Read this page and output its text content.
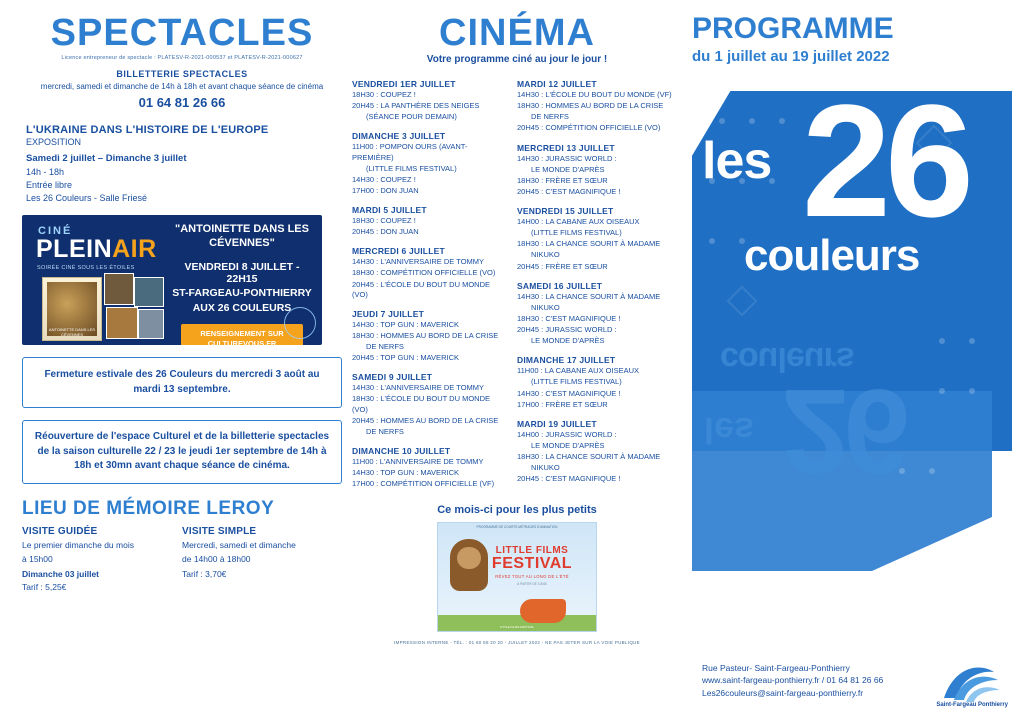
SPECTACLES
Licence entrepreneur de spectacle : PLATESV-R-2021-000537 et PLATESV-R-2021-000627
BILLETTERIE SPECTACLES
mercredi, samedi et dimanche de 14h à 18h et avant chaque séance de cinéma
01 64 81 26 66
L'UKRAINE DANS L'HISTOIRE DE L'EUROPE
EXPOSITION
Samedi 2 juillet – Dimanche 3 juillet
14h - 18h
Entrée libre
Les 26 Couleurs - Salle Friesé
CINÉ
PLEINAIR
SOIRÉE CINÉ SOUS LES ÉTOILES
ANTOINETTE DANS LES CÉVENNES
"ANTOINETTE DANS LES CÉVENNES"
VENDREDI 8 JUILLET - 22H15
ST-FARGEAU-PONTHIERRY
AUX 26 COULEURS
RENSEIGNEMENT SUR
CULTUREVOUS.FR
Fermeture estivale des 26 Couleurs du mercredi 3 août au mardi 13 septembre.
Réouverture de l'espace Culturel et de la billetterie spectacles de la saison culturelle 22 / 23 le jeudi 1er septembre de 14h à 18h et 30mn avant chaque séance de cinéma.
LIEU DE MÉMOIRE LEROY
VISITE GUIDÉE
Le premier dimanche du mois
à 15h00
Dimanche 03 juillet
Tarif : 5,25€
VISITE SIMPLE
Mercredi, samedi et dimanche
de 14h00 à 18h00
Tarif : 3,70€
CINÉMA
Votre programme ciné au jour le jour !
VENDREDI 1ER JUILLET
18H30 : COUPEZ !
20H45 : LA PANTHÈRE DES NEIGES
(SÉANCE POUR DEMAIN)
DIMANCHE 3 JUILLET
11H00 : POMPON OURS (AVANT-PREMIÈRE)
(LITTLE FILMS FESTIVAL)
14H30 : COUPEZ !
17H00 : DON JUAN
MARDI 5 JUILLET
18H30 : COUPEZ !
20H45 : DON JUAN
MERCREDI 6 JUILLET
14H30 : L'ANNIVERSAIRE DE TOMMY
18H30 : COMPÉTITION OFFICIELLE (VO)
20H45 : L'ÉCOLE DU BOUT DU MONDE (VO)
JEUDI 7 JUILLET
14H30 : TOP GUN : MAVERICK
18H30 : HOMMES AU BORD DE LA CRISE
DE NERFS
20H45 : TOP GUN : MAVERICK
SAMEDI 9 JUILLET
14H30 : L'ANNIVERSAIRE DE TOMMY
18H30 : L'ÉCOLE DU BOUT DU MONDE (VO)
20H45 : HOMMES AU BORD DE LA CRISE
DE NERFS
DIMANCHE 10 JUILLET
11H00 : L'ANNIVERSAIRE DE TOMMY
14H30 : TOP GUN : MAVERICK
17H00 : COMPÉTITION OFFICIELLE (VF)
MARDI 12 JUILLET
14H30 : L'ÉCOLE DU BOUT DU MONDE (VF)
18H30 : HOMMES AU BORD DE LA CRISE
DE NERFS
20H45 : COMPÉTITION OFFICIELLE (VO)
MERCREDI 13 JUILLET
14H30 : JURASSIC WORLD :
LE MONDE D'APRÈS
18H30 : FRÈRE ET SŒUR
20H45 : C'EST MAGNIFIQUE !
VENDREDI 15 JUILLET
14H00 : LA CABANE AUX OISEAUX
(LITTLE FILMS FESTIVAL)
18H30 : LA CHANCE SOURIT À MADAME
NIKUKO
20H45 : FRÈRE ET SŒUR
SAMEDI 16 JUILLET
14H30 : LA CHANCE SOURIT À MADAME
NIKUKO
18H30 : C'EST MAGNIFIQUE !
20H45 : JURASSIC WORLD :
LE MONDE D'APRÈS
DIMANCHE 17 JUILLET
11H00 : LA CABANE AUX OISEAUX
(LITTLE FILMS FESTIVAL)
14H30 : C'EST MAGNIFIQUE !
17H00 : FRÈRE ET SŒUR
MARDI 19 JUILLET
14H00 : JURASSIC WORLD :
LE MONDE D'APRÈS
18H30 : LA CHANCE SOURIT À MADAME
NIKUKO
20H45 : C'EST MAGNIFIQUE !
Ce mois-ci pour les plus petits
PROGRAMME DE COURTS MÉTRAGES D'ANIMATION
LITTLE FILMS
FESTIVAL
RÊVEZ TOUT AU LONG DE L'ÉTÉ
À PARTIR DE 3 ANS
LITTLE FILMS FESTIVAL
IMPRESSION INTERNE - TÉL. : 01 60 65 20 20 - JUILLET 2022 - NE PAS JETER SUR LA VOIE PUBLIQUE
PROGRAMME
du 1 juillet au 19 juillet 2022
couleurs
26
les
les 26
couleurs
Rue Pasteur- Saint-Fargeau-Ponthierry
www.saint-fargeau-ponthierry.fr / 01 64 81 26 66
Les26couleurs@saint-fargeau-ponthierry.fr
Saint-Fargeau Ponthierry
